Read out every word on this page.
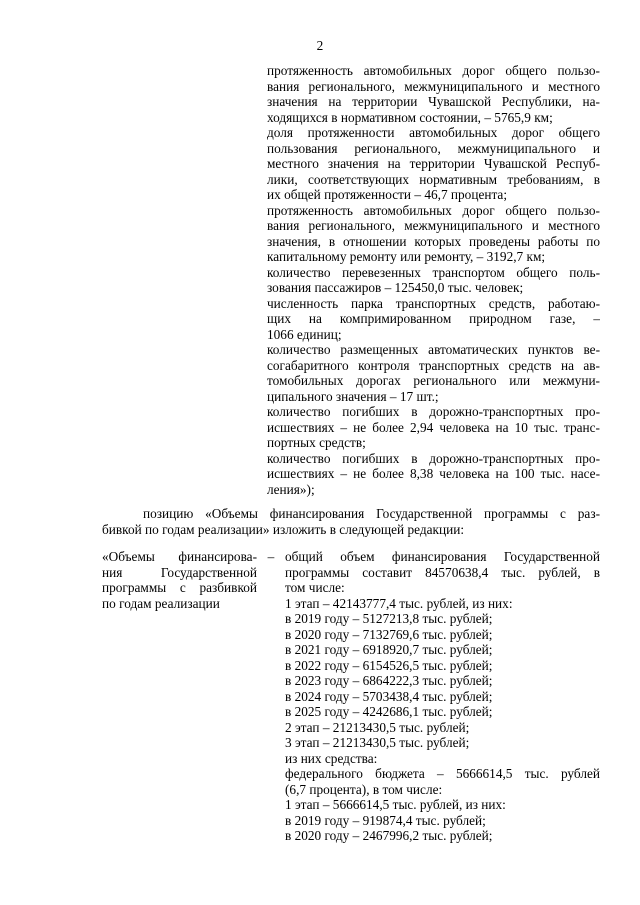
2
протяженность автомобильных дорог общего пользо-
вания регионального, межмуниципального и местного
значения на территории Чувашской Республики, на-
ходящихся в нормативном состоянии, – 5765,9 км;
доля протяженности автомобильных дорог общего
пользования регионального, межмуниципального и
местного значения на территории Чувашской Респуб-
лики, соответствующих нормативным требованиям, в
их общей протяженности – 46,7 процента;
протяженность автомобильных дорог общего пользо-
вания регионального, межмуниципального и местного
значения, в отношении которых проведены работы по
капитальному ремонту или ремонту, – 3192,7 км;
количество перевезенных транспортом общего поль-
зования пассажиров – 125450,0 тыс. человек;
численность парка транспортных средств, работаю-
щих на компримированном природном газе, –
1066 единиц;
количество размещенных автоматических пунктов ве-
согабаритного контроля транспортных средств на ав-
томобильных дорогах регионального или межмуни-
ципального значения – 17 шт.;
количество погибших в дорожно-транспортных про-
исшествиях – не более 2,94 человека на 10 тыс. транс-
портных средств;
количество погибших в дорожно-транспортных про-
исшествиях – не более 8,38 человека на 100 тыс. насе-
ления»);
позицию «Объемы финансирования Государственной программы с раз-
бивкой по годам реализации» изложить в следующей редакции:
«Объемы финансирова-
ния Государственной
программы с разбивкой
по годам реализации
– общий объем финансирования Государственной
программы составит 84570638,4 тыс. рублей, в
том числе:
1 этап – 42143777,4 тыс. рублей, из них:
в 2019 году – 5127213,8 тыс. рублей;
в 2020 году – 7132769,6 тыс. рублей;
в 2021 году – 6918920,7 тыс. рублей;
в 2022 году – 6154526,5 тыс. рублей;
в 2023 году – 6864222,3 тыс. рублей;
в 2024 году – 5703438,4 тыс. рублей;
в 2025 году – 4242686,1 тыс. рублей;
2 этап – 21213430,5 тыс. рублей;
3 этап – 21213430,5 тыс. рублей;
из них средства:
федерального бюджета – 5666614,5 тыс. рублей
(6,7 процента), в том числе:
1 этап – 5666614,5 тыс. рублей, из них:
в 2019 году – 919874,4 тыс. рублей;
в 2020 году – 2467996,2 тыс. рублей;
